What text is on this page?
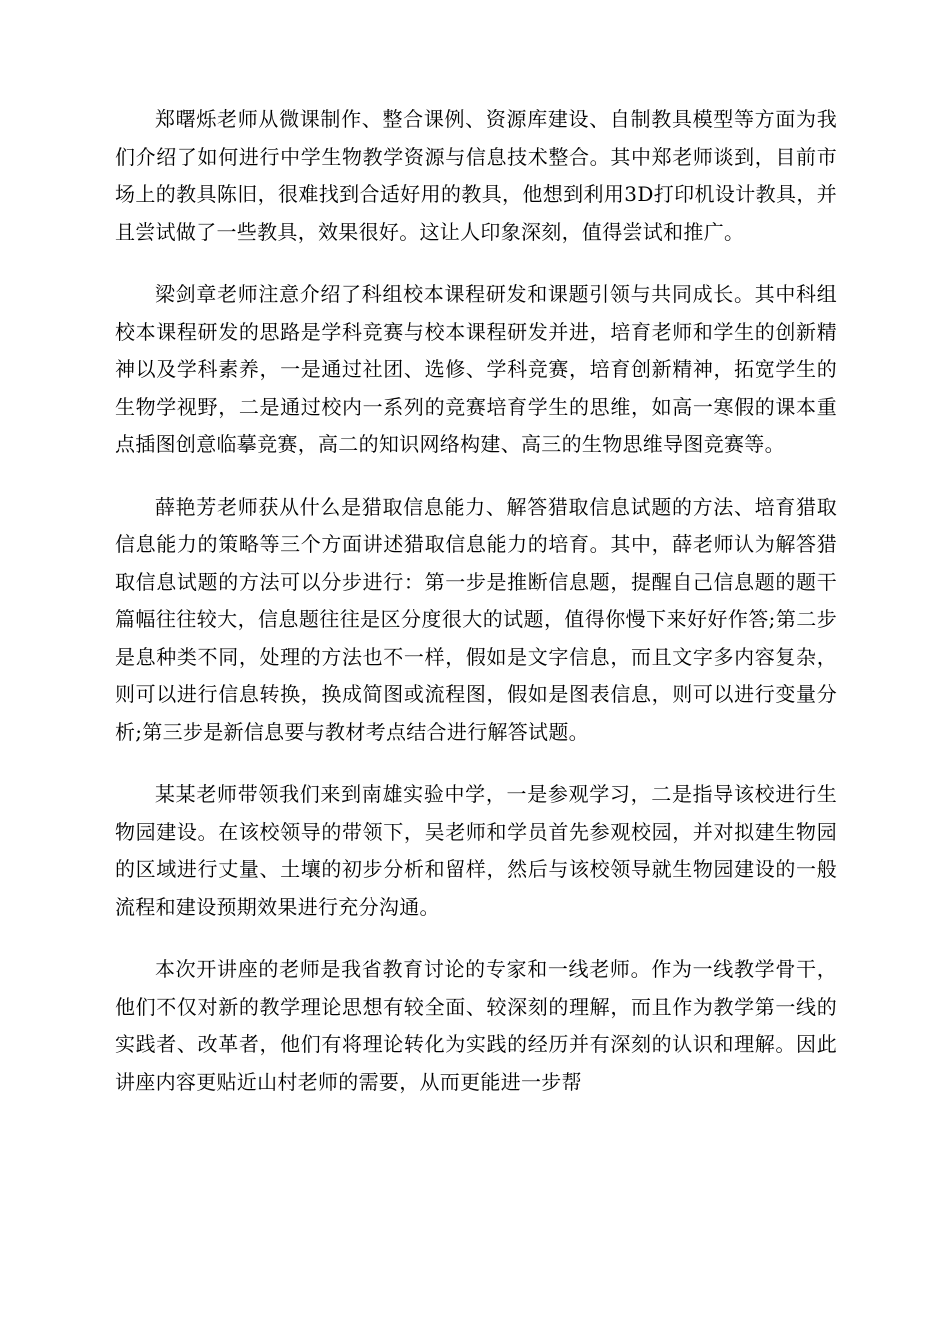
郑曙烁老师从微课制作、整合课例、资源库建设、自制教具模型等方面为我们介绍了如何进行中学生物教学资源与信息技术整合。其中郑老师谈到，目前市场上的教具陈旧，很难找到合适好用的教具，他想到利用3D打印机设计教具，并且尝试做了一些教具，效果很好。这让人印象深刻，值得尝试和推广。

梁剑章老师注意介绍了科组校本课程研发和课题引领与共同成长。其中科组校本课程研发的思路是学科竞赛与校本课程研发并进，培育老师和学生的创新精神以及学科素养，一是通过社团、选修、学科竞赛，培育创新精神，拓宽学生的生物学视野，二是通过校内一系列的竞赛培育学生的思维，如高一寒假的课本重点插图创意临摹竞赛，高二的知识网络构建、高三的生物思维导图竞赛等。

薛艳芳老师获从什么是猎取信息能力、解答猎取信息试题的方法、培育猎取信息能力的策略等三个方面讲述猎取信息能力的培育。其中，薛老师认为解答猎取信息试题的方法可以分步进行：第一步是推断信息题，提醒自己信息题的题干篇幅往往较大，信息题往往是区分度很大的试题，值得你慢下来好好作答;第二步是息种类不同，处理的方法也不一样，假如是文字信息，而且文字多内容复杂，则可以进行信息转换，换成简图或流程图，假如是图表信息，则可以进行变量分析;第三步是新信息要与教材考点结合进行解答试题。

某某老师带领我们来到南雄实验中学，一是参观学习，二是指导该校进行生物园建设。在该校领导的带领下，吴老师和学员首先参观校园，并对拟建生物园的区域进行丈量、土壤的初步分析和留样，然后与该校领导就生物园建设的一般流程和建设预期效果进行充分沟通。

本次开讲座的老师是我省教育讨论的专家和一线老师。作为一线教学骨干，他们不仅对新的教学理论思想有较全面、较深刻的理解，而且作为教学第一线的实践者、改革者，他们有将理论转化为实践的经历并有深刻的认识和理解。因此讲座内容更贴近山村老师的需要，从而更能进一步帮
